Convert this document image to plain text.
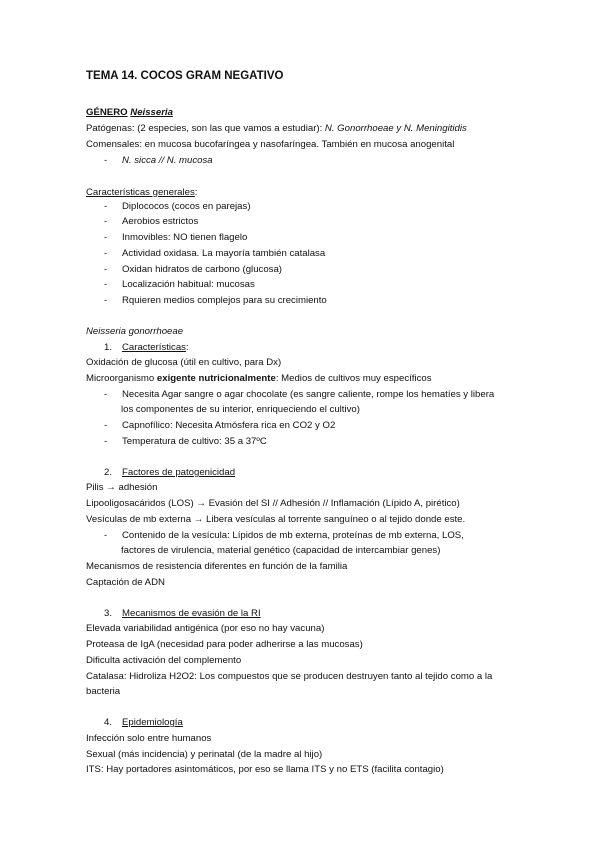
TEMA 14. COCOS GRAM NEGATIVO
GÉNERO Neisseria
Patógenas: (2 especies, son las que vamos a estudiar): N. Gonorrhoeae y N. Meningitidis
Comensales: en mucosa bucofaríngea y nasofaríngea. También en mucosa anogenital
- N. sicca // N. mucosa
Características generales:
- Diplococos (cocos en parejas)
- Aerobios estrictos
- Inmovibles: NO tienen flagelo
- Actividad oxidasa. La mayoría también catalasa
- Oxidan hidratos de carbono (glucosa)
- Localización habitual: mucosas
- Rquieren medios complejos para su crecimiento
Neisseria gonorrhoeae
1. Características:
Oxidación de glucosa (útil en cultivo, para Dx)
Microorganismo exigente nutricionalmente: Medios de cultivos muy específicos
- Necesita Agar sangre o agar chocolate (es sangre caliente, rompe los hematíes y libera
los componentes de su interior, enriqueciendo el cultivo)
- Capnofílico: Necesita Atmósfera rica en CO2 y O2
- Temperatura de cultivo: 35 a 37ºC
2. Factores de patogenicidad
Pilis → adhesión
Lipooligosacáridos (LOS) → Evasión del SI // Adhesión // Inflamación (Lípido A, pirético)
Vesículas de mb externa → Libera vesículas al torrente sanguíneo o al tejido donde este.
- Contenido de la vesícula: Lípidos de mb externa, proteínas de mb externa, LOS,
factores de virulencia, material genético (capacidad de intercambiar genes)
Mecanismos de resistencia diferentes en función de la familia
Captación de ADN
3. Mecanismos de evasión de la RI
Elevada variabilidad antigénica (por eso no hay vacuna)
Proteasa de IgA (necesidad para poder adherirse a las mucosas)
Dificulta activación del complemento
Catalasa: Hidroliza H2O2: Los compuestos que se producen destruyen tanto al tejido como a la
bacteria
4. Epidemiología
Infección solo entre humanos
Sexual (más incidencia) y perinatal (de la madre al hijo)
ITS: Hay portadores asintomáticos, por eso se llama ITS y no ETS (facilita contagio)
